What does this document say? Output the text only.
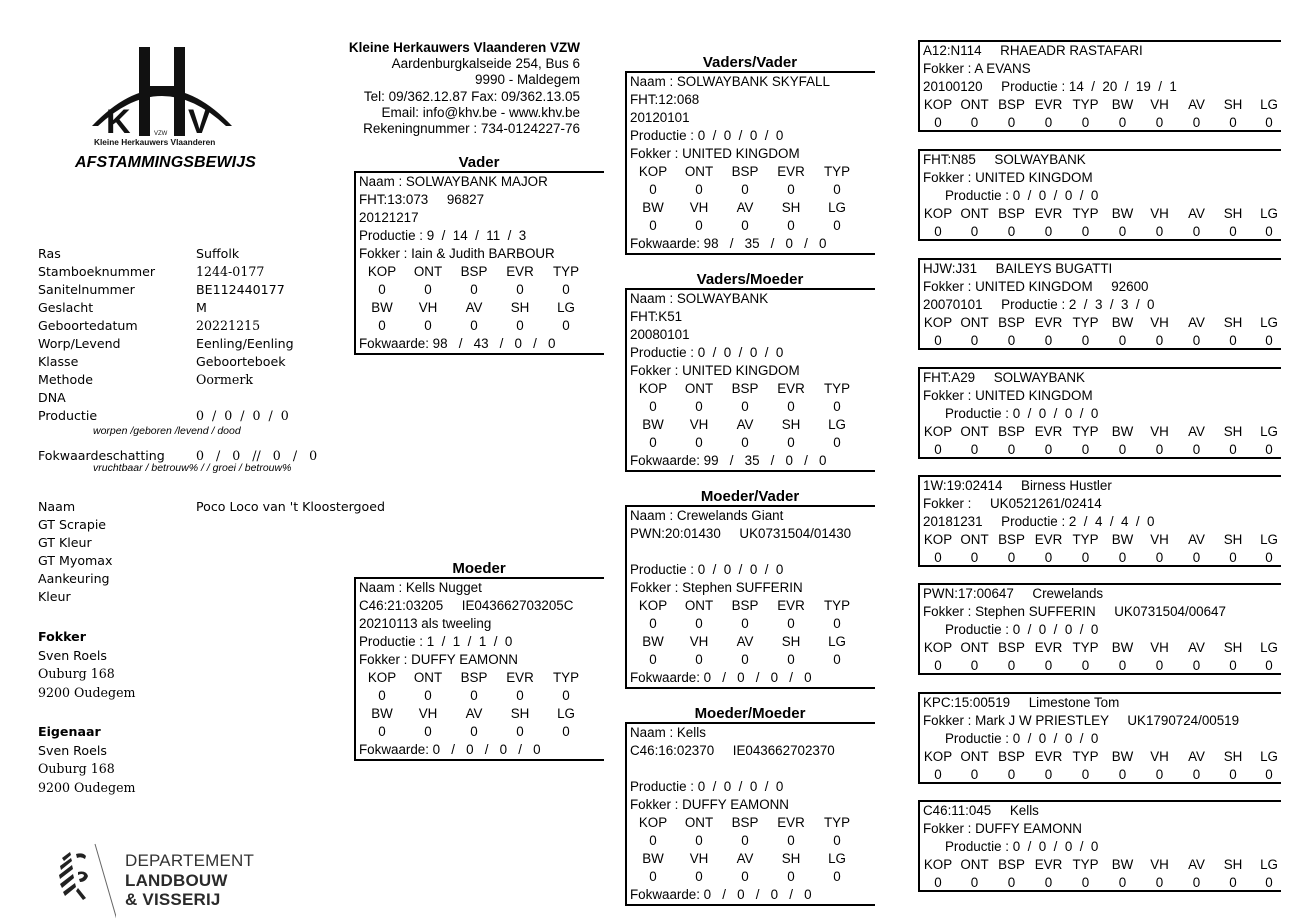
K V
VZW
Kleine Herkauwers Vlaanderen
AFSTAMMINGSBEWIJS
Kleine Herkauwers Vlaanderen VZW
Aardenburgkalseide 254, Bus 6
9990 - Maldegem
Tel: 09/362.12.87 Fax: 09/362.13.05
Email: info@khv.be - www.khv.be
Rekeningnummer : 734-0124227-76
Ras	Suffolk
Stamboeknummer	1244-0177
Sanitelnummer	BE112440177
Geslacht	M
Geboortedatum	20221215
Worp/Levend	Eenling/Eenling
Klasse	Geboorteboek
Methode	Oormerk
DNA
Productie	0  /  0  /  0  /  0
worpen /geboren /levend / dood
Fokwaardeschatting 0   /   0   //   0   /   0
vruchtbaar / betrouw% / / groei / betrouw%
Naam	Poco Loco van 't Kloostergoed
GT Scrapie
GT Kleur
GT Myomax
Aankeuring
Kleur
Fokker
Sven Roels
Ouburg 168
9200 Oudegem
Eigenaar
Sven Roels
Ouburg 168
9200 Oudegem
Vader
Naam : SOLWAYBANK MAJOR
FHT:13:073     96827
20121217
Productie : 9  /  14  /  11  /  3
Fokker : Iain & Judith BARBOUR
KOP	ONT	BSP	EVR	TYP
0	0	0	0	0
BW	VH	AV	SH	LG
0	0	0	0	0
Fokwaarde: 98   /   43   /   0   /   0
Moeder
Naam : Kells Nugget
C46:21:03205     IE043662703205C
20210113 als tweeling
Productie : 1  /  1  /  1  /  0
Fokker : DUFFY EAMONN
KOP	ONT	BSP	EVR	TYP
0	0	0	0	0
BW	VH	AV	SH	LG
0	0	0	0	0
Fokwaarde: 0   /   0   /   0   /   0
Vaders/Vader
Naam : SOLWAYBANK SKYFALL
FHT:12:068
20120101
Productie : 0  /  0  /  0  /  0
Fokker : UNITED KINGDOM
KOP	ONT	BSP	EVR	TYP
0	0	0	0	0
BW	VH	AV	SH	LG
0	0	0	0	0
Fokwaarde: 98   /   35   /   0   /   0
Vaders/Moeder
Naam : SOLWAYBANK
FHT:K51
20080101
Productie : 0  /  0  /  0  /  0
Fokker : UNITED KINGDOM
KOP	ONT	BSP	EVR	TYP
0	0	0	0	0
BW	VH	AV	SH	LG
0	0	0	0	0
Fokwaarde: 99   /   35   /   0   /   0
Moeder/Vader
Naam : Crewelands Giant
PWN:20:01430     UK0731504/01430
Productie : 0  /  0  /  0  /  0
Fokker : Stephen SUFFERIN
KOP	ONT	BSP	EVR	TYP
0	0	0	0	0
BW	VH	AV	SH	LG
0	0	0	0	0
Fokwaarde: 0   /   0   /   0   /   0
Moeder/Moeder
Naam : Kells
C46:16:02370     IE043662702370
Productie : 0  /  0  /  0  /  0
Fokker : DUFFY EAMONN
KOP	ONT	BSP	EVR	TYP
0	0	0	0	0
BW	VH	AV	SH	LG
0	0	0	0	0
Fokwaarde: 0   /   0   /   0   /   0
A12:N114     RHAEADR RASTAFARI
Fokker : A EVANS
20100120     Productie : 14  /  20  /  19  /  1
KOP ONT BSP EVR TYP BW	VH	AV	SH	LG
0	0	0	0	0	0	0	0	0	0
FHT:N85     SOLWAYBANK
Fokker : UNITED KINGDOM
Productie : 0  /  0  /  0  /  0
KOP ONT BSP EVR TYP BW	VH	AV	SH	LG
0	0	0	0	0	0	0	0	0	0
HJW:J31     BAILEYS BUGATTI
Fokker : UNITED KINGDOM     92600
20070101     Productie : 2  /  3  /  3  /  0
KOP ONT BSP EVR TYP BW	VH	AV	SH	LG
0	0	0	0	0	0	0	0	0	0
FHT:A29     SOLWAYBANK
Fokker : UNITED KINGDOM
Productie : 0  /  0  /  0  /  0
KOP ONT BSP EVR TYP BW	VH	AV	SH	LG
0	0	0	0	0	0	0	0	0	0
1W:19:02414     Birness Hustler
Fokker :     UK0521261/02414
20181231     Productie : 2  /  4  /  4  /  0
KOP ONT BSP EVR TYP BW	VH	AV	SH	LG
0	0	0	0	0	0	0	0	0	0
PWN:17:00647     Crewelands
Fokker : Stephen SUFFERIN     UK0731504/00647
Productie : 0  /  0  /  0  /  0
KOP ONT BSP EVR TYP BW	VH	AV	SH	LG
0	0	0	0	0	0	0	0	0	0
KPC:15:00519     Limestone Tom
Fokker : Mark J W PRIESTLEY     UK1790724/00519
Productie : 0  /  0  /  0  /  0
KOP ONT BSP EVR TYP BW	VH	AV	SH	LG
0	0	0	0	0	0	0	0	0	0
C46:11:045     Kells
Fokker : DUFFY EAMONN
Productie : 0  /  0  /  0  /  0
KOP ONT BSP EVR TYP BW	VH	AV	SH	LG
0	0	0	0	0	0	0	0	0	0
DEPARTEMENT
LANDBOUW
& VISSERIJ
